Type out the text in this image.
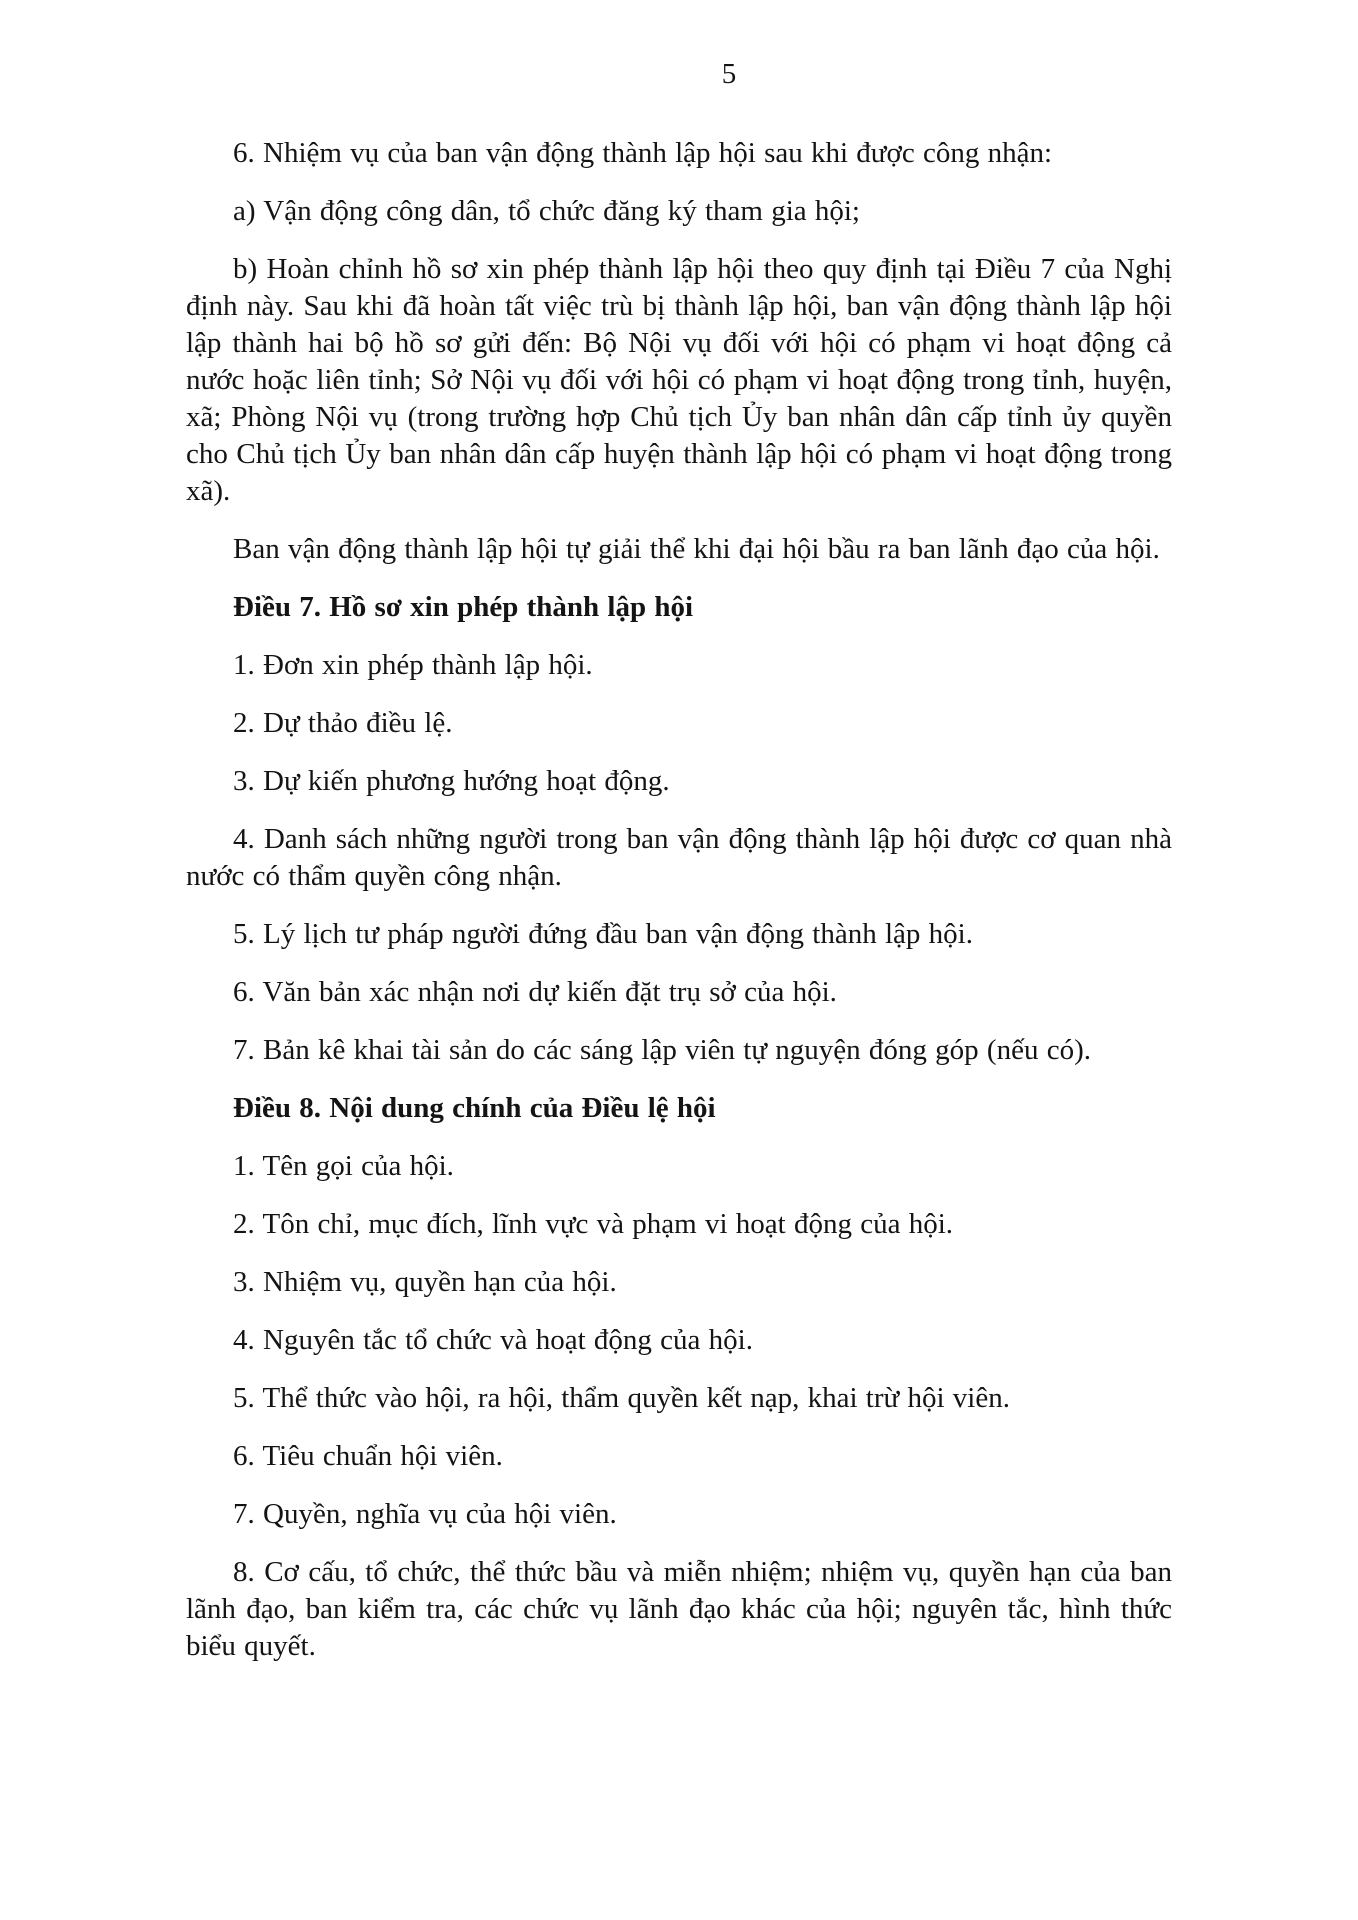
5

6. Nhiệm vụ của ban vận động thành lập hội sau khi được công nhận:

a) Vận động công dân, tổ chức đăng ký tham gia hội;

b) Hoàn chỉnh hồ sơ xin phép thành lập hội theo quy định tại Điều 7 của Nghị định này. Sau khi đã hoàn tất việc trù bị thành lập hội, ban vận động thành lập hội lập thành hai bộ hồ sơ gửi đến: Bộ Nội vụ đối với hội có phạm vi hoạt động cả nước hoặc liên tỉnh; Sở Nội vụ đối với hội có phạm vi hoạt động trong tỉnh, huyện, xã; Phòng Nội vụ (trong trường hợp Chủ tịch Ủy ban nhân dân cấp tỉnh ủy quyền cho Chủ tịch Ủy ban nhân dân cấp huyện thành lập hội có phạm vi hoạt động trong xã).

Ban vận động thành lập hội tự giải thể khi đại hội bầu ra ban lãnh đạo của hội.

Điều 7. Hồ sơ xin phép thành lập hội

1. Đơn xin phép thành lập hội.

2. Dự thảo điều lệ.

3. Dự kiến phương hướng hoạt động.

4. Danh sách những người trong ban vận động thành lập hội được cơ quan nhà nước có thẩm quyền công nhận.

5. Lý lịch tư pháp người đứng đầu ban vận động thành lập hội.

6. Văn bản xác nhận nơi dự kiến đặt trụ sở của hội.

7. Bản kê khai tài sản do các sáng lập viên tự nguyện đóng góp (nếu có).

Điều 8. Nội dung chính của Điều lệ hội

1. Tên gọi của hội.

2. Tôn chỉ, mục đích, lĩnh vực và phạm vi hoạt động của hội.

3. Nhiệm vụ, quyền hạn của hội.

4. Nguyên tắc tổ chức và hoạt động của hội.

5. Thể thức vào hội, ra hội, thẩm quyền kết nạp, khai trừ hội viên.

6. Tiêu chuẩn hội viên.

7. Quyền, nghĩa vụ của hội viên.

8. Cơ cấu, tổ chức, thể thức bầu và miễn nhiệm; nhiệm vụ, quyền hạn của ban lãnh đạo, ban kiểm tra, các chức vụ lãnh đạo khác của hội; nguyên tắc, hình thức biểu quyết.
